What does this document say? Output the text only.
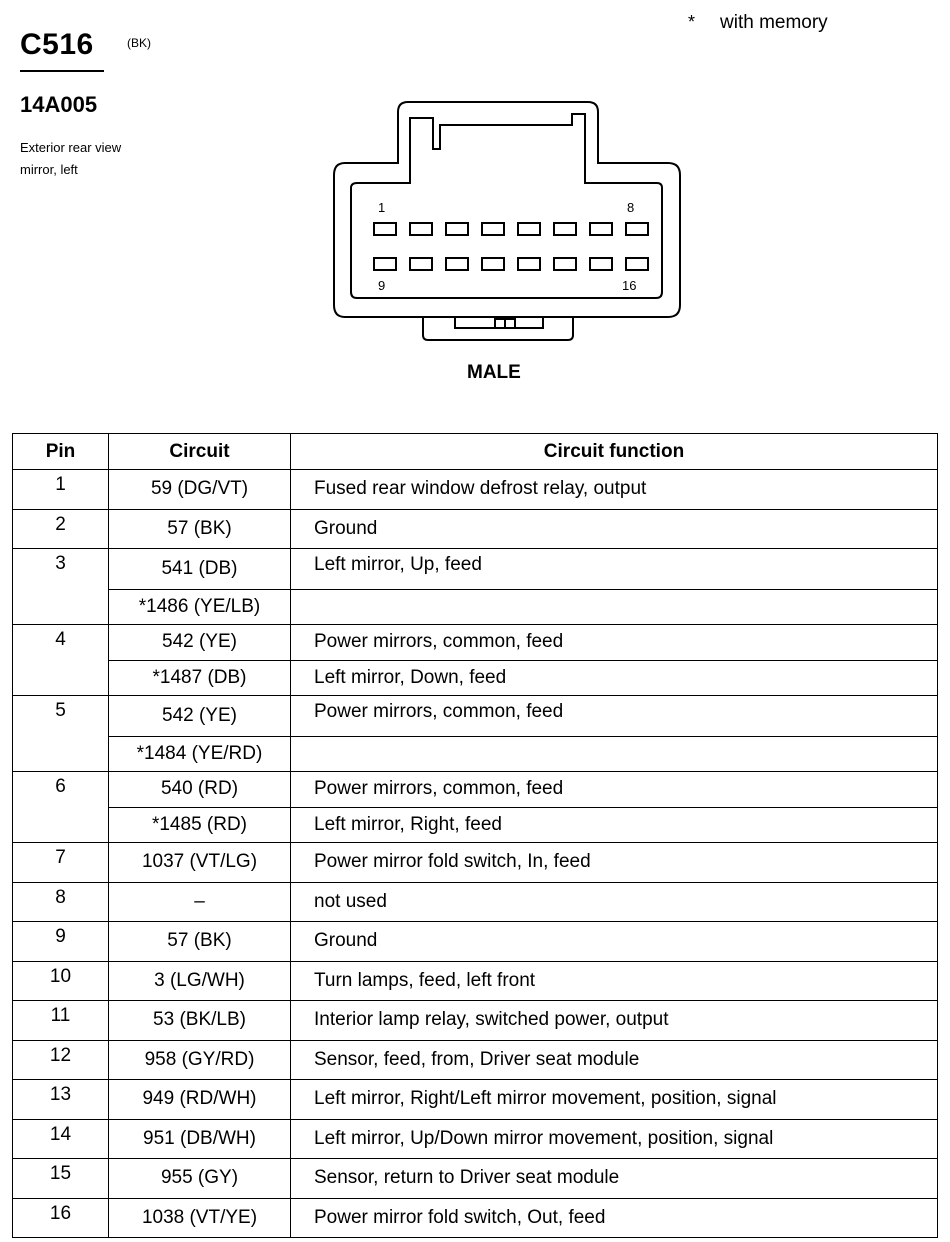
C516	(BK)
14A005
Exterior rear view
mirror, left
* with memory
1	8
9	16
MALE
Pin	Circuit	Circuit function
1	59 (DG/VT)	Fused rear window defrost relay, output
2	57 (BK)	Ground
3	541 (DB)	Left mirror, Up, feed
	*1486 (YE/LB)	
4	542 (YE)	Power mirrors, common, feed
	*1487 (DB)	Left mirror, Down, feed
5	542 (YE)	Power mirrors, common, feed
	*1484 (YE/RD)	
6	540 (RD)	Power mirrors, common, feed
	*1485 (RD)	Left mirror, Right, feed
7	1037 (VT/LG)	Power mirror fold switch, In, feed
8	–	not used
9	57 (BK)	Ground
10	3 (LG/WH)	Turn lamps, feed, left front
11	53 (BK/LB)	Interior lamp relay, switched power, output
12	958 (GY/RD)	Sensor, feed, from, Driver seat module
13	949 (RD/WH)	Left mirror, Right/Left mirror movement, position, signal
14	951 (DB/WH)	Left mirror, Up/Down mirror movement, position, signal
15	955 (GY)	Sensor, return to Driver seat module
16	1038 (VT/YE)	Power mirror fold switch, Out, feed
